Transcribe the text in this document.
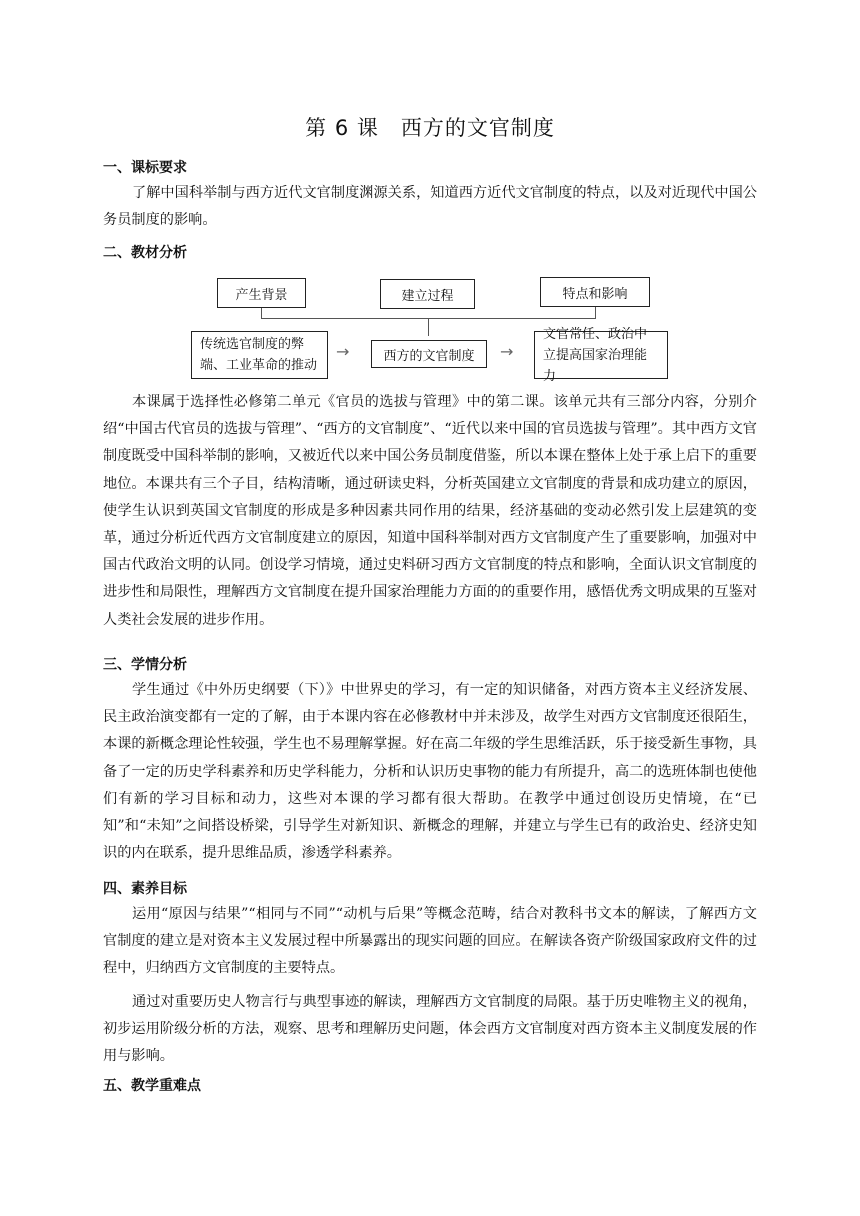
第 6 课　西方的文官制度
一、课标要求

了解中国科举制与西方近代文官制度渊源关系，知道西方近代文官制度的特点，以及对近现代中国公务员制度的影响。

二、教材分析
产生背景	建立过程	特点和影响
传统选官制度的弊端、工业革命的推动
→	西方的文官制度	→
文官常任、政治中立提高国家治理能力

本课属于选择性必修第二单元《官员的选拔与管理》中的第二课。该单元共有三部分内容，分别介绍“中国古代官员的选拔与管理”、“西方的文官制度”、“近代以来中国的官员选拔与管理”。其中西方文官制度既受中国科举制的影响，又被近代以来中国公务员制度借鉴，所以本课在整体上处于承上启下的重要地位。本课共有三个子目，结构清晰，通过研读史料，分析英国建立文官制度的背景和成功建立的原因，使学生认识到英国文官制度的形成是多种因素共同作用的结果，经济基础的变动必然引发上层建筑的变革，通过分析近代西方文官制度建立的原因，知道中国科举制对西方文官制度产生了重要影响，加强对中国古代政治文明的认同。创设学习情境，通过史料研习西方文官制度的特点和影响，全面认识文官制度的进步性和局限性，理解西方文官制度在提升国家治理能力方面的的重要作用，感悟优秀文明成果的互鉴对人类社会发展的进步作用。

三、学情分析

学生通过《中外历史纲要（下）》中世界史的学习，有一定的知识储备，对西方资本主义经济发展、民主政治演变都有一定的了解，由于本课内容在必修教材中并未涉及，故学生对西方文官制度还很陌生，本课的新概念理论性较强，学生也不易理解掌握。好在高二年级的学生思维活跃，乐于接受新生事物，具备了一定的历史学科素养和历史学科能力，分析和认识历史事物的能力有所提升，高二的选班体制也使他们有新的学习目标和动力，这些对本课的学习都有很大帮助。在教学中通过创设历史情境，在“已知”和“未知”之间搭设桥梁，引导学生对新知识、新概念的理解，并建立与学生已有的政治史、经济史知识的内在联系，提升思维品质，渗透学科素养。

四、素养目标

运用“原因与结果”“相同与不同”“动机与后果”等概念范畴，结合对教科书文本的解读，了解西方文官制度的建立是对资本主义发展过程中所暴露出的现实问题的回应。在解读各资产阶级国家政府文件的过程中，归纳西方文官制度的主要特点。

通过对重要历史人物言行与典型事迹的解读，理解西方文官制度的局限。基于历史唯物主义的视角，初步运用阶级分析的方法，观察、思考和理解历史问题，体会西方文官制度对西方资本主义制度发展的作用与影响。

五、教学重难点
